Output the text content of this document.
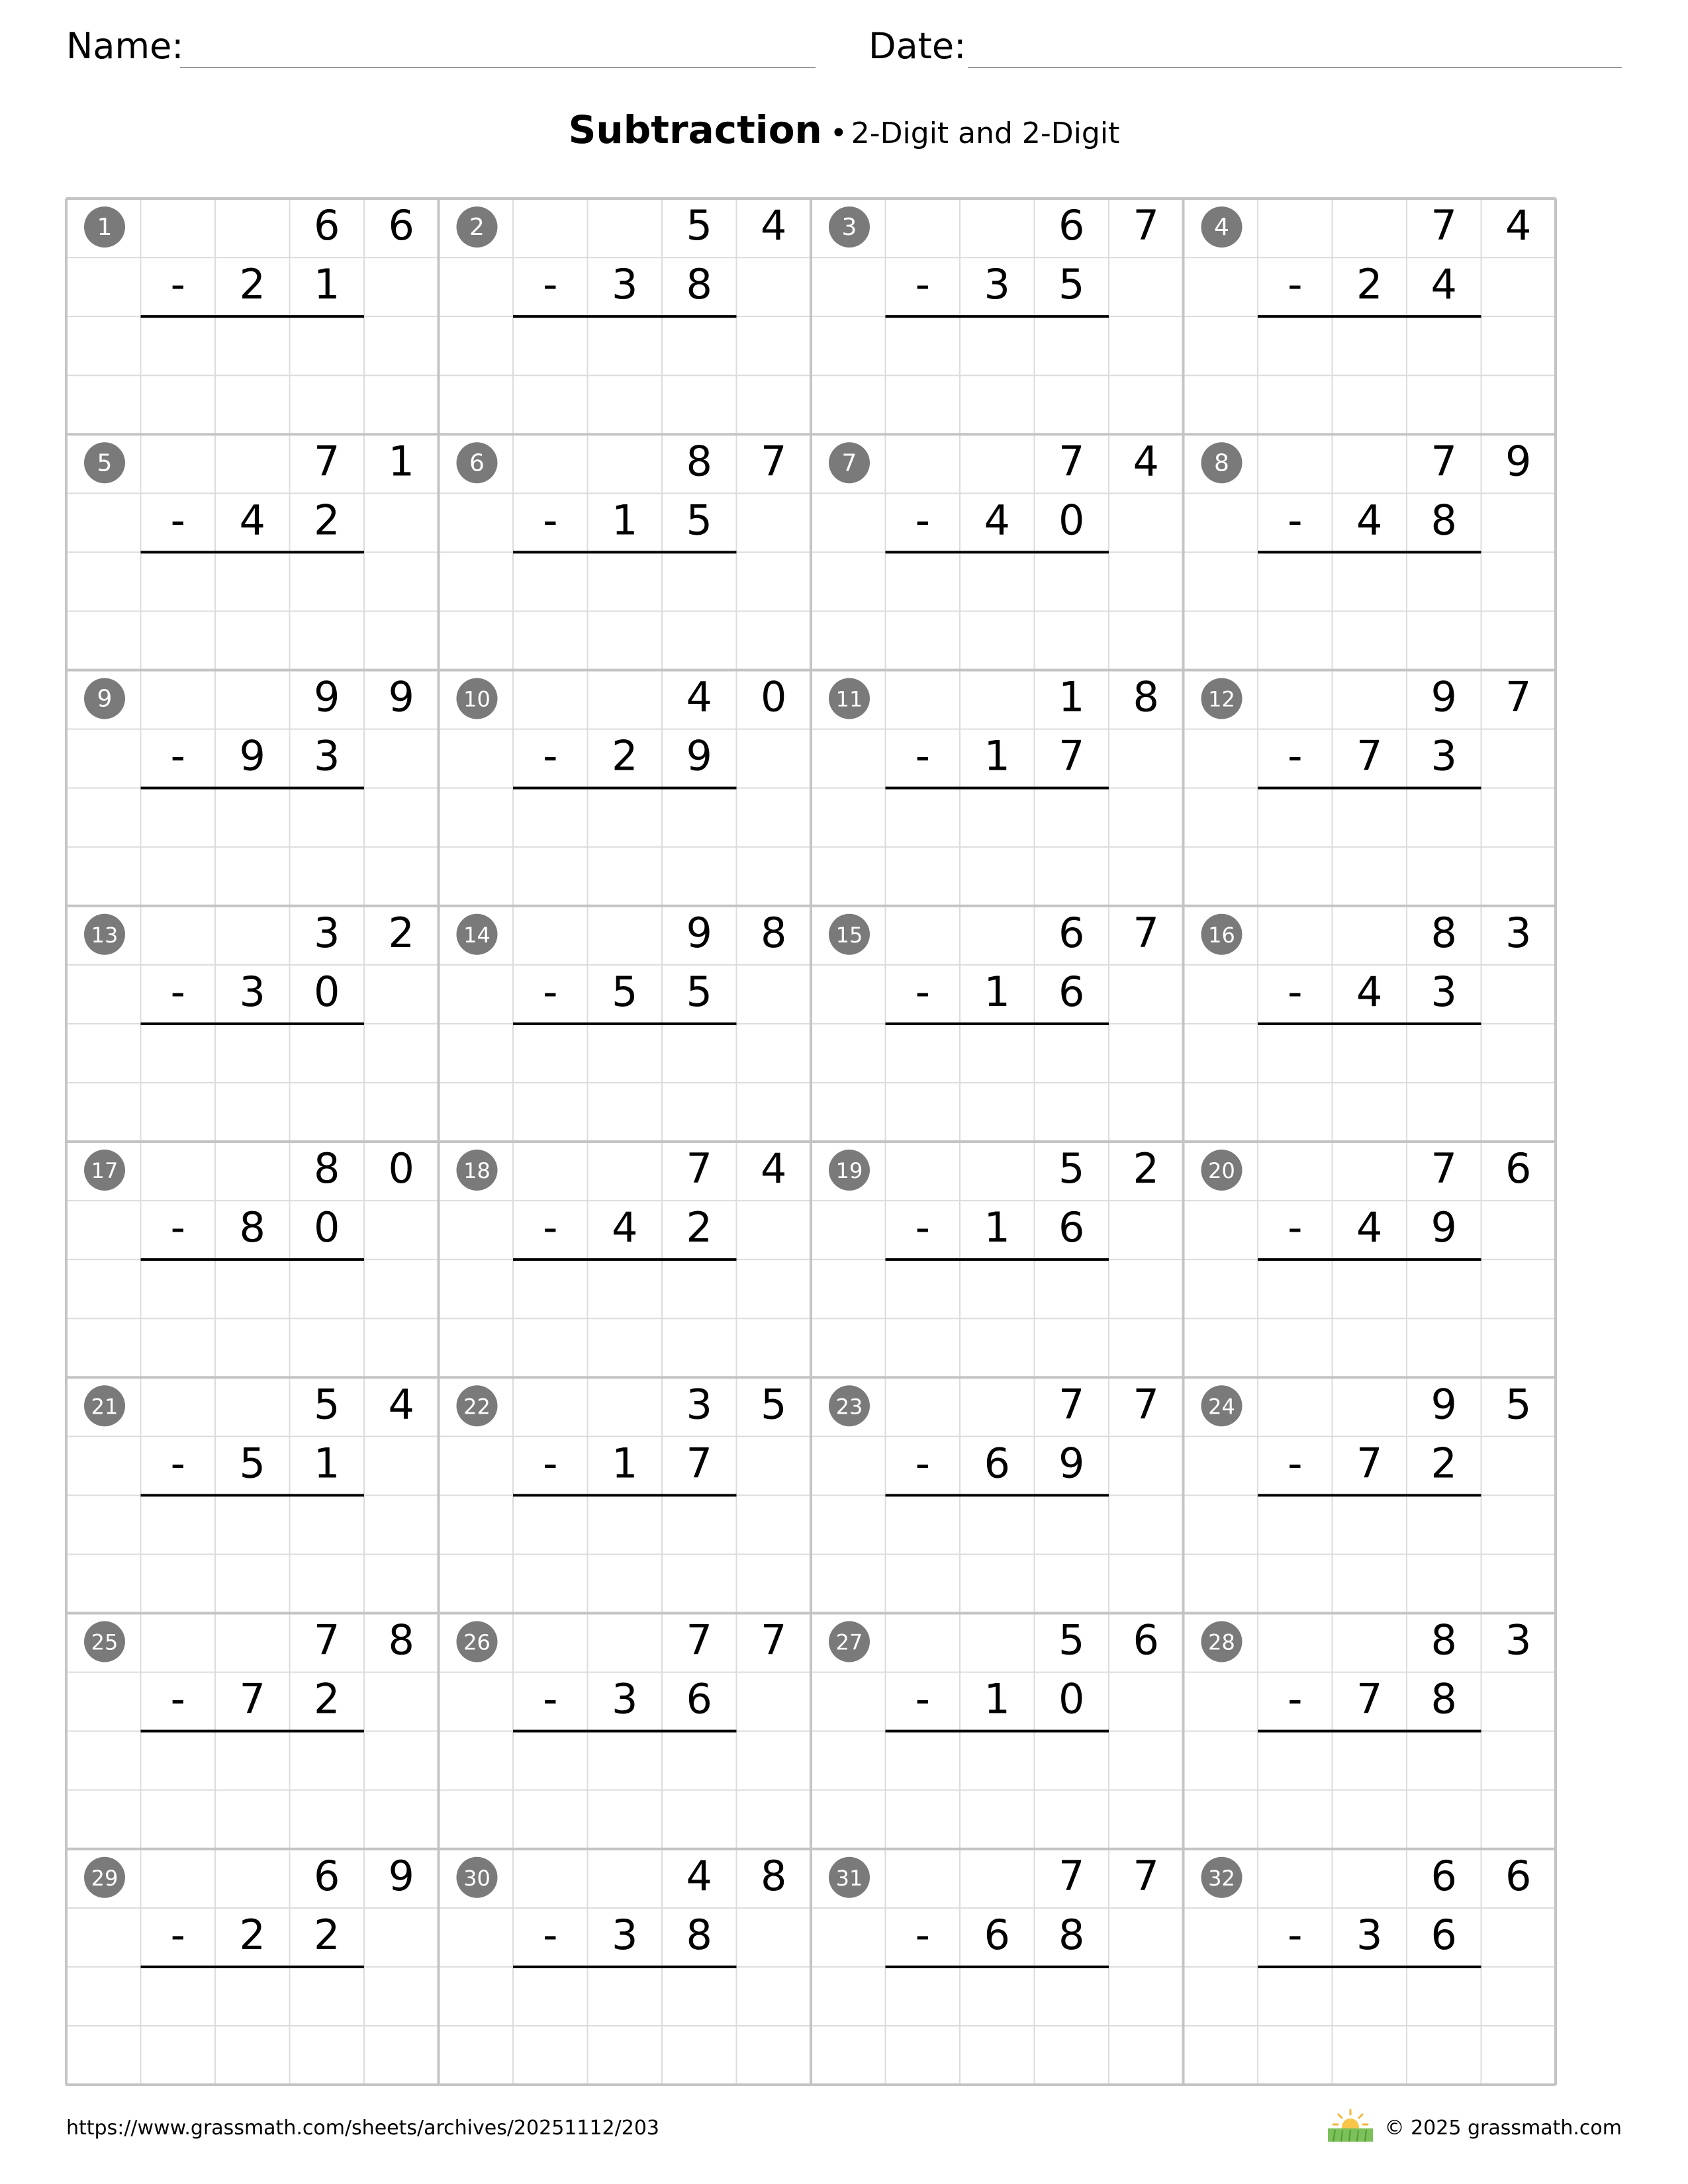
Name:	Date:
Subtraction • 2-Digit and 2-Digit
1	6 6
- 2 1
2	5 4
- 3 8
3	6 7
- 3 5
4	7 4
- 2 4
5	7 1
- 4 2
6	8 7
- 1 5
7	7 4
- 4 0
8	7 9
- 4 8
9	9 9
- 9 3
10	4 0
- 2 9
11	1 8
- 1 7
12	9 7
- 7 3
13	3 2
- 3 0
14	9 8
- 5 5
15	6 7
- 1 6
16	8 3
- 4 3
17	8 0
- 8 0
18	7 4
- 4 2
19	5 2
- 1 6
20	7 6
- 4 9
21	5 4
- 5 1
22	3 5
- 1 7
23	7 7
- 6 9
24	9 5
- 7 2
25	7 8
- 7 2
26	7 7
- 3 6
27	5 6
- 1 0
28	8 3
- 7 8
29	6 9
- 2 2
30	4 8
- 3 8
31	7 7
- 6 8
32	6 6
- 3 6
https://www.grassmath.com/sheets/archives/20251112/203	© 2025 grassmath.com
